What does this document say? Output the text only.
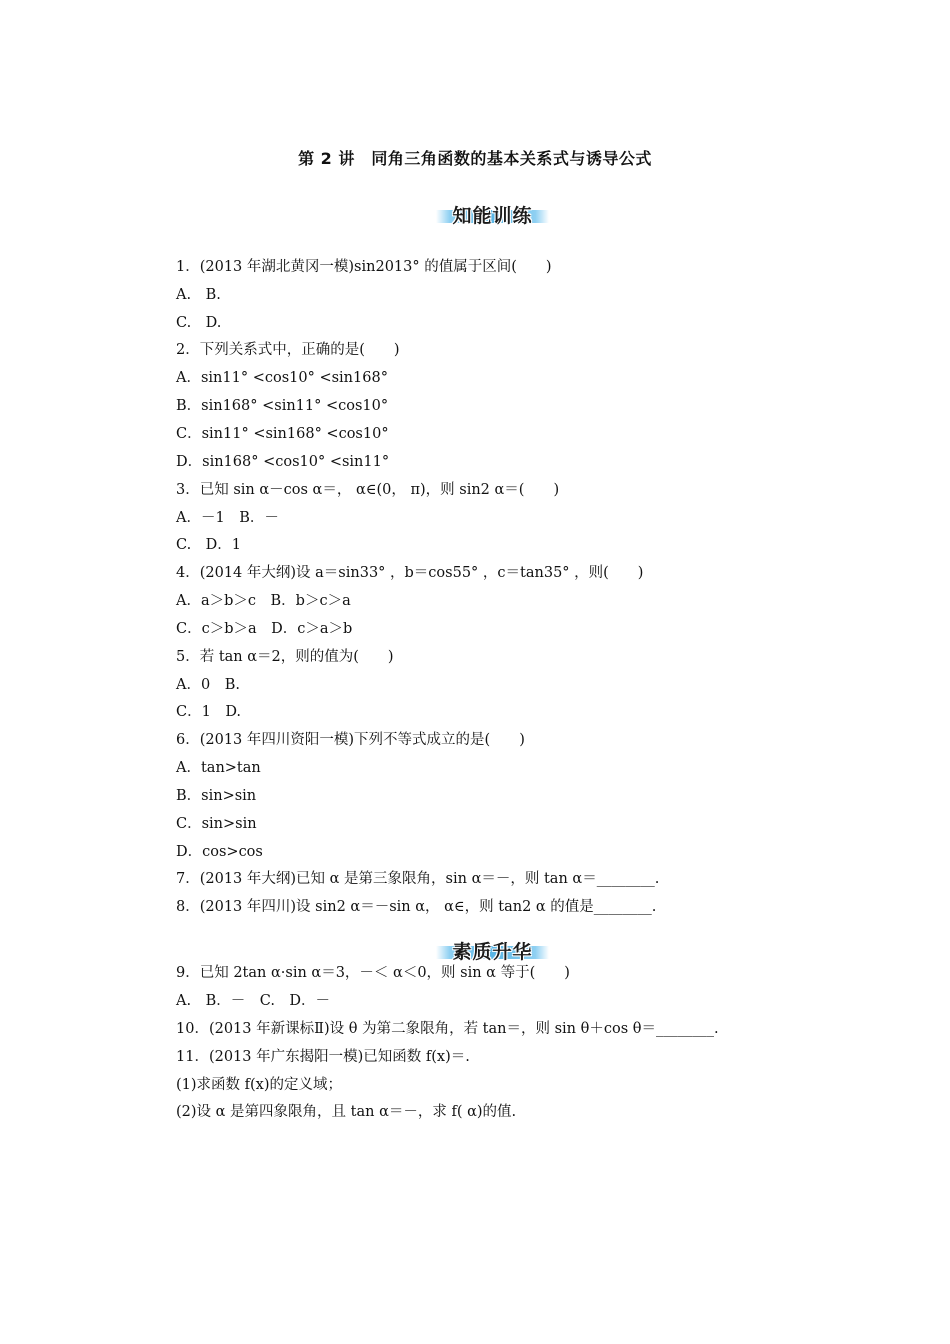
第 2 讲　同角三角函数的基本关系式与诱导公式
知能训练
1．(2013 年湖北黄冈一模)sin2013° 的值属于区间(　　)
A.　B.
C.　D.
2．下列关系式中，正确的是(　　)
A．sin11° <cos10° <sin168°
B．sin168° <sin11° <cos10°
C．sin11° <sin168° <cos10°
D．sin168° <cos10° <sin11°
3．已知 sin α－cos α＝， α∈(0， π)，则 sin2 α＝(　　)
A．－1　B．－
C.　D．1
4．(2014 年大纲)设 a＝sin33° ，b＝cos55° ，c＝tan35° ，则(　　)
A．a＞b＞c　B．b＞c＞a
C．c＞b＞a　D．c＞a＞b
5．若 tan α＝2，则的值为(　　)
A．0　B.
C．1　D.
6．(2013 年四川资阳一模)下列不等式成立的是(　　)
A．tan>tan
B．sin>sin
C．sin>sin
D．cos>cos
7．(2013 年大纲)已知 α 是第三象限角，sin α＝－，则 tan α＝________.
8．(2013 年四川)设 sin2 α＝－sin α， α∈，则 tan2 α 的值是________.
素质升华
9．已知 2tan α·sin α＝3，－＜ α＜0，则 sin α 等于(　　)
A.　B．－　C.　D．－
10．(2013 年新课标Ⅱ)设 θ 为第二象限角，若 tan＝，则 sin θ＋cos θ＝________.
11．(2013 年广东揭阳一模)已知函数 f(x)＝.
(1)求函数 f(x)的定义域；
(2)设 α 是第四象限角，且 tan α＝－，求 f( α)的值.
